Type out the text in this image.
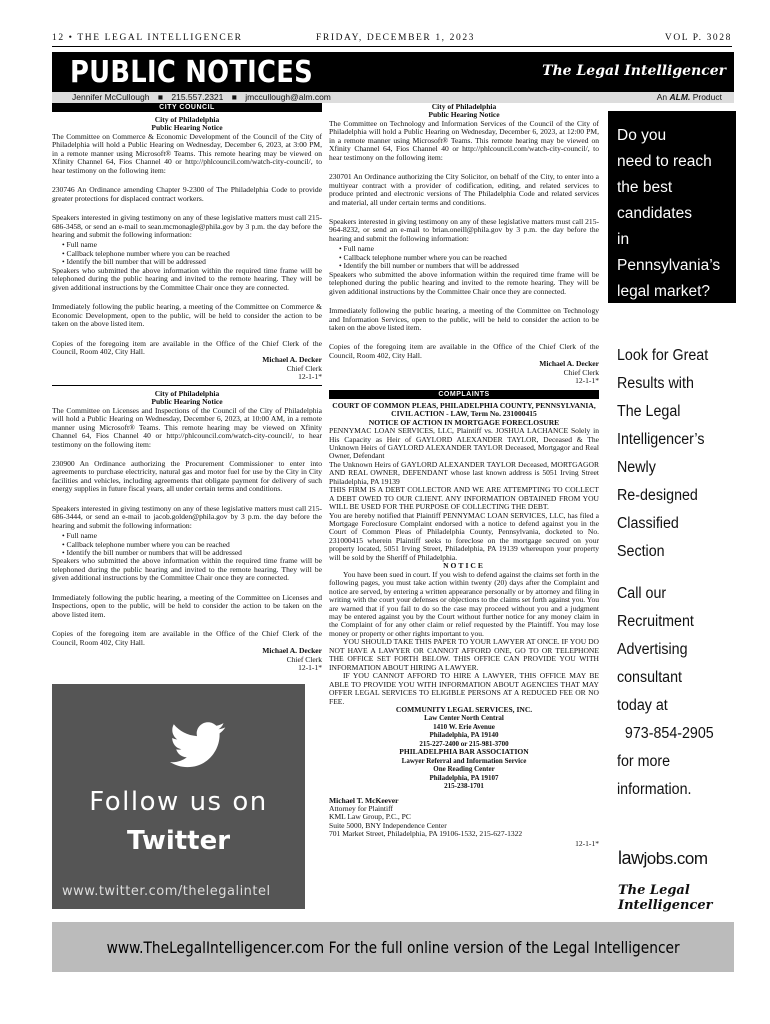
12 • THE LEGAL INTELLIGENCER	FRIDAY, DECEMBER 1, 2023	VOL P. 3028
PUBLIC NOTICES	The Legal Intelligencer
Jennifer McCullough ■ 215.557.2321 ■ jmccullough@alm.com	An ALM. Product
CITY COUNCIL
City of Philadelphia
Public Hearing Notice

The Committee on Commerce & Economic Development of the Council of the City of Philadelphia will hold a Public Hearing on Wednesday, December 6, 2023, at 3:00 PM, in a remote manner using Microsoft® Teams. This remote hearing may be viewed on Xfinity Channel 64, Fios Channel 40 or http://phlcouncil.com/watch-city-council/, to hear testimony on the following item:

230746 An Ordinance amending Chapter 9-2300 of The Philadelphia Code to provide greater protections for displaced contract workers.

Speakers interested in giving testimony on any of these legislative matters must call 215-686-3458, or send an e-mail to sean.mcmonagle@phila.gov by 3 p.m. the day before the hearing and submit the following information:

• Full name
• Callback telephone number where you can be reached
• Identify the bill number that will be addressed

Speakers who submitted the above information within the required time frame will be telephoned during the public hearing and invited to the remote hearing. They will be given additional instructions by the Committee Chair once they are connected.

Immediately following the public hearing, a meeting of the Committee on Commerce & Economic Development, open to the public, will be held to consider the action to be taken on the above listed item.

Copies of the foregoing item are available in the Office of the Chief Clerk of the Council, Room 402, City Hall.

Michael A. Decker
Chief Clerk
12-1-1*
City of Philadelphia
Public Hearing Notice

The Committee on Licenses and Inspections of the Council of the City of Philadelphia will hold a Public Hearing on Wednesday, December 6, 2023, at 10:00 AM, in a remote manner using Microsoft® Teams. This remote hearing may be viewed on Xfinity Channel 64, Fios Channel 40 or http://phlcouncil.com/watch-city-council/, to hear testimony on the following item:

230900 An Ordinance authorizing the Procurement Commissioner to enter into agreements to purchase electricity, natural gas and motor fuel for use by the City in City facilities and vehicles, including agreements that obligate payment for delivery of such energy supplies in future fiscal years, all under certain terms and conditions.

Speakers interested in giving testimony on any of these legislative matters must call 215-686-3444, or send an e-mail to jacob.golden@phila.gov by 3 p.m. the day before the hearing and submit the following information:

• Full name
• Callback telephone number where you can be reached
• Identify the bill number or numbers that will be addressed

Speakers who submitted the above information within the required time frame will be telephoned during the public hearing and invited to the remote hearing. They will be given additional instructions by the Committee Chair once they are connected.

Immediately following the public hearing, a meeting of the Committee on Licenses and Inspections, open to the public, will be held to consider the action to be taken on the above listed item.

Copies of the foregoing item are available in the Office of the Chief Clerk of the Council, Room 402, City Hall.

Michael A. Decker
Chief Clerk
12-1-1*
Follow us on
Twitter
www.twitter.com/thelegalintel
City of Philadelphia
Public Hearing Notice

The Committee on Technology and Information Services of the Council of the City of Philadelphia will hold a Public Hearing on Wednesday, December 6, 2023, at 12:00 PM, in a remote manner using Microsoft® Teams. This remote hearing may be viewed on Xfinity Channel 64, Fios Channel 40 or http://phlcouncil.com/watch-city-council/, to hear testimony on the following item:

230701 An Ordinance authorizing the City Solicitor, on behalf of the City, to enter into a multiyear contract with a provider of codification, editing, and related services to produce printed and electronic versions of The Philadelphia Code and related services and material, all under certain terms and conditions.

Speakers interested in giving testimony on any of these legislative matters must call 215-964-8232, or send an e-mail to brian.oneill@phila.gov by 3 p.m. the day before the hearing and submit the following information:

• Full name
• Callback telephone number where you can be reached
• Identify the bill number or numbers that will be addressed

Speakers who submitted the above information within the required time frame will be telephoned during the public hearing and invited to the remote hearing. They will be given additional instructions by the Committee Chair once they are connected.

Immediately following the public hearing, a meeting of the Committee on Technology and Information Services, open to the public, will be held to consider the action to be taken on the above listed item.

Copies of the foregoing item are available in the Office of the Chief Clerk of the Council, Room 402, City Hall.

Michael A. Decker
Chief Clerk
12-1-1*
COMPLAINTS
COURT OF COMMON PLEAS, PHILADELPHIA COUNTY, PENNSYLVANIA, CIVIL ACTION - LAW, Term No. 231000415
NOTICE OF ACTION IN MORTGAGE FORECLOSURE

PENNYMAC LOAN SERVICES, LLC, Plaintiff vs. JOSHUA LACHANCE Solely in His Capacity as Heir of GAYLORD ALEXANDER TAYLOR, Deceased & The Unknown Heirs of GAYLORD ALEXANDER TAYLOR Deceased, Mortgagor and Real Owner, Defendant

The Unknown Heirs of GAYLORD ALEXANDER TAYLOR Deceased, MORTGAGOR AND REAL OWNER, DEFENDANT whose last known address is 5051 Irving Street Philadelphia, PA 19139

THIS FIRM IS A DEBT COLLECTOR AND WE ARE ATTEMPTING TO COLLECT A DEBT OWED TO OUR CLIENT. ANY INFORMATION OBTAINED FROM YOU WILL BE USED FOR THE PURPOSE OF COLLECTING THE DEBT.

You are hereby notified that Plaintiff PENNYMAC LOAN SERVICES, LLC, has filed a Mortgage Foreclosure Complaint endorsed with a notice to defend against you in the Court of Common Pleas of Philadelphia County, Pennsylvania, docketed to No. 231000415 wherein Plaintiff seeks to foreclose on the mortgage secured on your property located, 5051 Irving Street, Philadelphia, PA 19139 whereupon your property will be sold by the Sheriff of Philadelphia.

NOTICE

You have been sued in court. If you wish to defend against the claims set forth in the following pages, you must take action within twenty (20) days after the Complaint and notice are served, by entering a written appearance personally or by attorney and filing in writing with the court your defenses or objections to the claims set forth against you. You are warned that if you fail to do so the case may proceed without you and a judgment may be entered against you by the Court without further notice for any money claim in the Complaint of for any other claim or relief requested by the Plaintiff. You may lose money or property or other rights important to you.

YOU SHOULD TAKE THIS PAPER TO YOUR LAWYER AT ONCE. IF YOU DO NOT HAVE A LAWYER OR CANNOT AFFORD ONE, GO TO OR TELEPHONE THE OFFICE SET FORTH BELOW. THIS OFFICE CAN PROVIDE YOU WITH INFORMATION ABOUT HIRING A LAWYER.

IF YOU CANNOT AFFORD TO HIRE A LAWYER, THIS OFFICE MAY BE ABLE TO PROVIDE YOU WITH INFORMATION ABOUT AGENCIES THAT MAY OFFER LEGAL SERVICES TO ELIGIBLE PERSONS AT A REDUCED FEE OR NO FEE.

COMMUNITY LEGAL SERVICES, INC.
Law Center North Central
1410 W. Erie Avenue
Philadelphia, PA 19140
215-227-2400 or 215-981-3700
PHILADELPHIA BAR ASSOCIATION
Lawyer Referral and Information Service
One Reading Center
Philadelphia, PA 19107
215-238-1701
Michael T. McKeever
Attorney for Plaintiff
KML Law Group, P.C., PC
Suite 5000, BNY Independence Center
701 Market Street, Philadelphia, PA 19106-1532, 215-627-1322
12-1-1*
Do you
need to reach
the best
candidates
in
Pennsylvania’s
legal market?
Look for Great
Results with
The Legal
Intelligencer’s
Newly
Re-designed
Classified
Section
Call our
Recruitment
Advertising
consultant
today at
973-854-2905
for more
information.
lawjobs.com
The Legal Intelligencer
www.TheLegalIntelligencer.com For the full online version of the Legal Intelligencer
